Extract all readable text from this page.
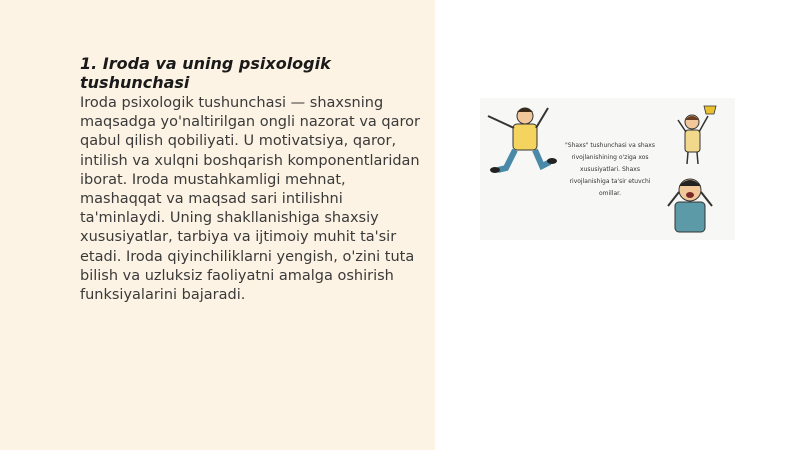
1. Iroda va uning psixologik tushunchasi

Iroda psixologik tushunchasi — shaxsning maqsadga yo'naltirilgan ongli nazorat va qaror qabul qilish qobiliyati. U motivatsiya, qaror, intilish va xulqni boshqarish komponentlaridan iborat. Iroda mustahkamligi mehnat, mashaqqat va maqsad sari intilishni ta'minlaydi. Uning shakllanishiga shaxsiy xususiyatlar, tarbiya va ijtimoiy muhit ta'sir etadi. Iroda qiyinchiliklarni yengish, o'zini tuta bilish va uzluksiz faoliyatni amalga oshirish funksiyalarini bajaradi.

"Shaxs" tushunchasi va shaxs rivojlanishining o'ziga xos xususiyatlari. Shaxs rivojlanishiga ta'sir etuvchi omillar.
